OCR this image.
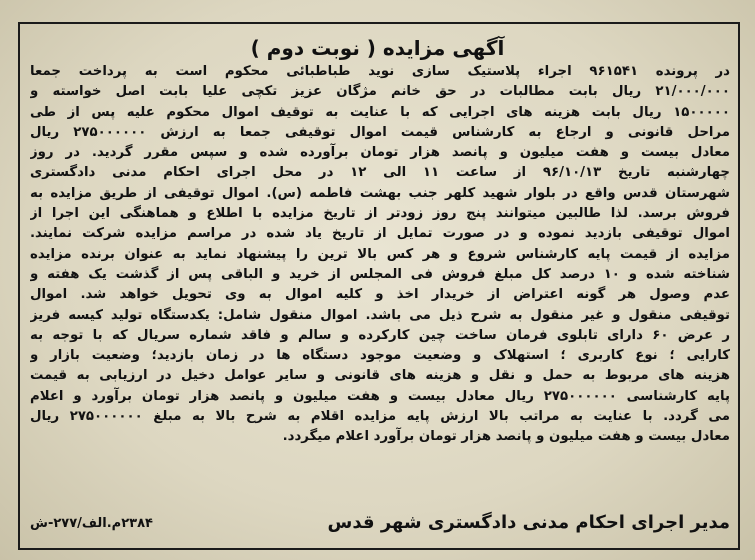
آگهی مزایده ( نوبت دوم )
در پرونده ۹۶۱۵۴۱ اجراء پلاستیک سازی نوید طباطبائی محکوم است به پرداخت جمعا
۲۱/۰۰۰/۰۰۰ ریال بابت مطالبات در حق خانم مژگان عزیز تکچی علیا بابت اصل خواسته و
۱۵۰۰۰۰۰ ریال بابت هزینه های اجرایی که با عنایت به توقیف اموال محکوم علیه پس از طی
مراحل قانونی و ارجاع به کارشناس قیمت اموال توقیفی جمعا به ارزش ۲۷۵۰۰۰۰۰۰ ریال
معادل بیست و هفت میلیون و پانصد هزار تومان برآورده شده و سپس مقرر گردید. در روز
چهارشنبه تاریخ ۹۶/۱۰/۱۳ از ساعت ۱۱ الی ۱۲ در محل اجرای احکام مدنی دادگستری
شهرستان قدس واقع در بلوار شهید کلهر جنب بهشت فاطمه (س). اموال توقیفی از طریق مزایده به
فروش برسد. لذا طالبین میتوانند پنج روز زودتر از تاریخ مزایده با اطلاع و هماهنگی این اجرا از
اموال توقیفی بازدید نموده و در صورت تمایل از تاریخ یاد شده در مراسم مزایده شرکت نمایند.
مزایده از قیمت پایه کارشناس شروع و هر کس بالا ترین را پیشنهاد نماید به عنوان برنده مزایده
شناخته شده و ۱۰ درصد کل مبلغ فروش فی المجلس از خرید و الباقی پس از گذشت یک هفته و
عدم وصول هر گونه اعتراض از خریدار اخذ و کلیه اموال به وی تحویل خواهد شد. اموال
توقیفی منقول و غیر منقول به شرح ذیل می باشد. اموال منقول شامل: یکدستگاه تولید کیسه فریز
ر عرض ۶۰ دارای تابلوی فرمان ساخت چین کارکرده و سالم و فاقد شماره سریال که با توجه به
کارایی ؛ نوع کاربری ؛ استهلاک و وضعیت موجود دستگاه ها در زمان بازدید؛ وضعیت بازار و
هزینه های مربوط به حمل و نقل و هزینه های قانونی و سایر عوامل دخیل در ارزیابی به قیمت
پایه کارشناسی ۲۷۵۰۰۰۰۰۰ ریال معادل بیست و هفت میلیون و پانصد هزار تومان برآورد و اعلام
می گردد. با عنایت به مراتب بالا ارزش پایه مزایده اقلام به شرح بالا به مبلغ ۲۷۵۰۰۰۰۰۰ ریال
معادل بیست و هفت میلیون و پانصد هزار تومان برآورد اعلام میگردد.
مدیر اجرای احکام مدنی دادگستری شهر قدس
۲۳۸۴م.الف/۲۷۷-ش
